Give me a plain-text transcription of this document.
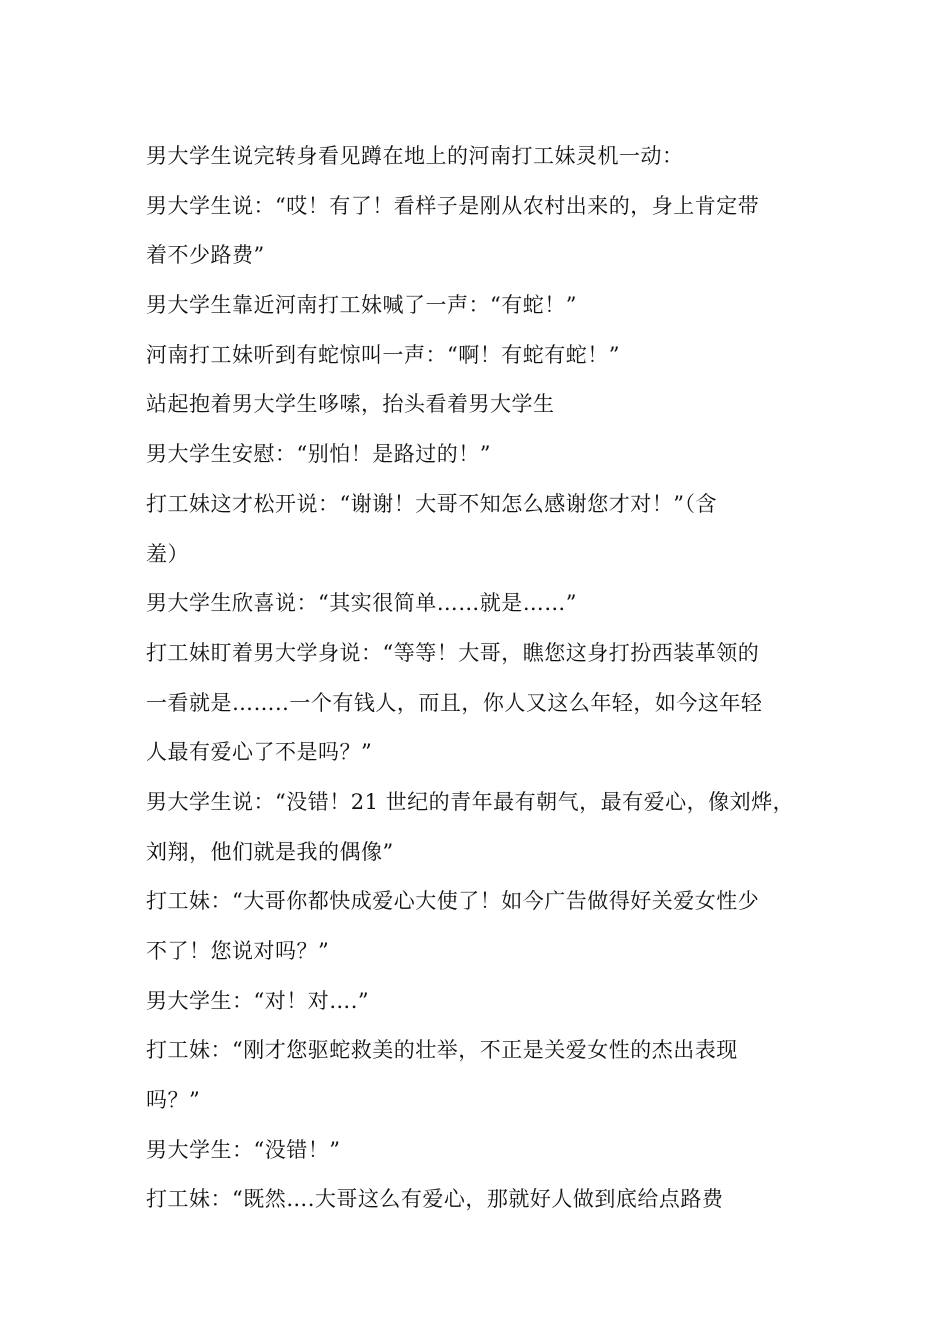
男大学生说完转身看见蹲在地上的河南打工妹灵机一动：
男大学生说：“哎！有了！看样子是刚从农村出来的，身上肯定带
着不少路费”
男大学生靠近河南打工妹喊了一声：“有蛇！”
河南打工妹听到有蛇惊叫一声：“啊！有蛇有蛇！”
站起抱着男大学生哆嗦，抬头看着男大学生
男大学生安慰：“别怕！是路过的！”
打工妹这才松开说：“谢谢！大哥不知怎么感谢您才对！”（含
羞）
男大学生欣喜说：“其实很简单……就是……”
打工妹盯着男大学身说：“等等！大哥，瞧您这身打扮西装革领的
一看就是……..一个有钱人，而且，你人又这么年轻，如今这年轻
人最有爱心了不是吗？”
男大学生说：“没错！21 世纪的青年最有朝气，最有爱心，像刘烨，
刘翔，他们就是我的偶像”
打工妹：“大哥你都快成爱心大使了！如今广告做得好关爱女性少
不了！您说对吗？”
男大学生：“对！对….”
打工妹：“刚才您驱蛇救美的壮举，不正是关爱女性的杰出表现
吗？”
男大学生：“没错！”
打工妹：“既然….大哥这么有爱心，那就好人做到底给点路费
